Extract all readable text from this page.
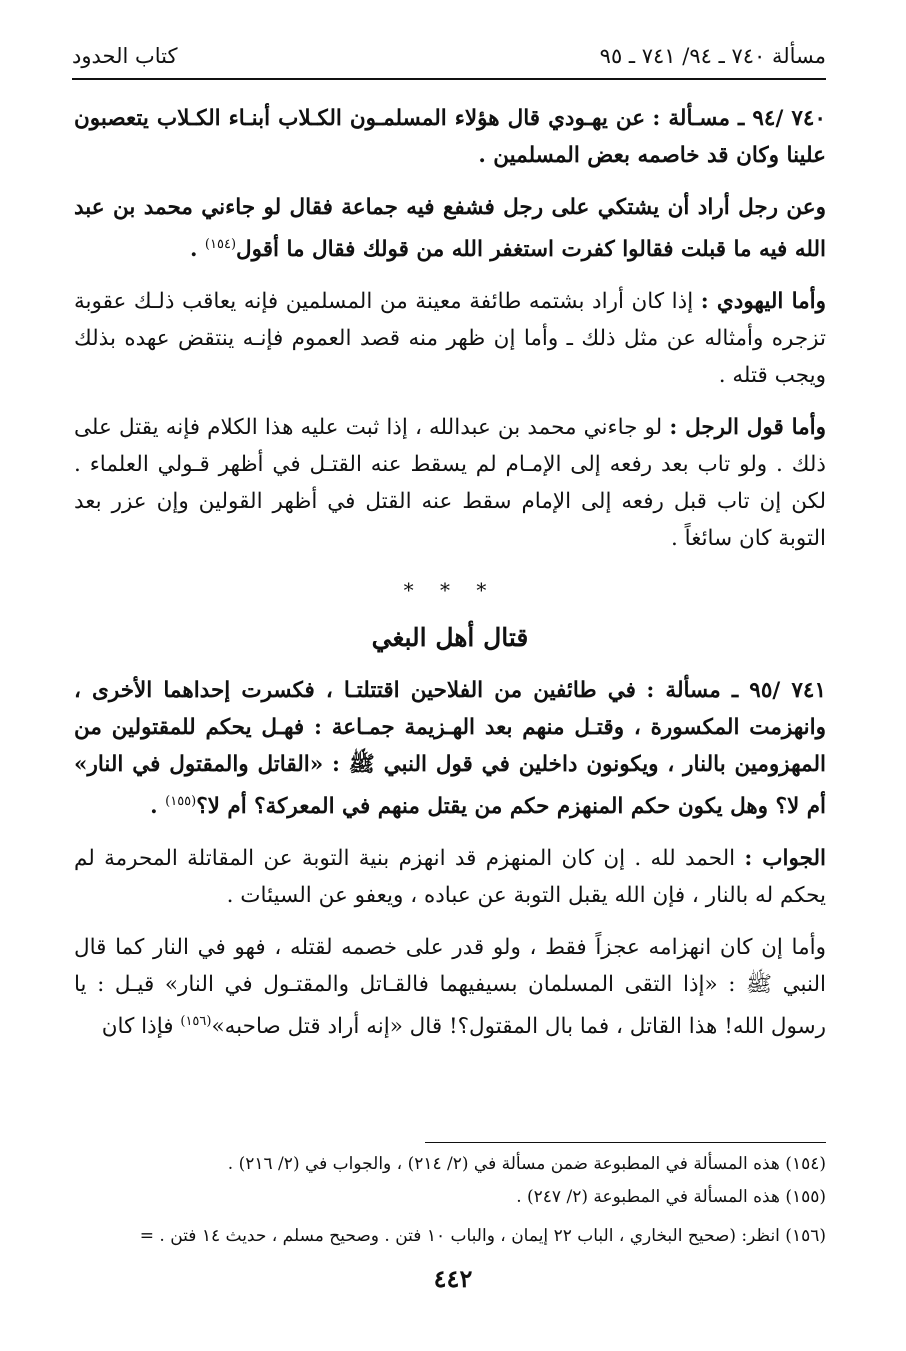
مسألة ٧٤٠ ـ ٩٤/ ٧٤١ ـ ٩٥
كتاب الحدود

٧٤٠ /٩٤ ـ مسـألة : عن يهـودي قال هؤلاء المسلمـون الكـلاب أبنـاء الكـلاب يتعصبون علينا وكان قد خاصمه بعض المسلمين .

وعن رجل أراد أن يشتكي على رجل فشفع فيه جماعة فقال لو جاءني محمد بن عبد الله فيه ما قبلت فقالوا كفرت استغفر الله من قولك فقال ما أقول$^{(١٥٤)}$ .

وأما اليهودي : إذا كان أراد بشتمه طائفة معينة من المسلمين فإنه يعاقب ذلـك عقوبة تزجره وأمثاله عن مثل ذلك ـ وأما إن ظهر منه قصد العموم فإنـه ينتقض عهده بذلك ويجب قتله .

وأما قول الرجل : لو جاءني محمد بن عبدالله ، إذا ثبت عليه هذا الكلام فإنه يقتل على ذلك . ولو تاب بعد رفعه إلى الإمـام لم يسقط عنه القتـل في أظهر قـولي العلماء . لكن إن تاب قبل رفعه إلى الإمام سقط عنه القتل في أظهر القولين وإن عزر بعد التوبة كان سائغاً .

* * *

قتال أهل البغي

٧٤١ /٩٥ ـ مسألة : في طائفين من الفلاحين اقتتلتـا ، فكسرت إحداهما الأخرى ، وانهزمت المكسورة ، وقتـل منهم بعد الهـزيمة جمـاعة : فهـل يحكم للمقتولين من المهزومين بالنار ، ويكونون داخلين في قول النبي ﷺ : «القاتل والمقتول في النار» أم لا؟ وهل يكون حكم المنهزم حكم من يقتل منهم في المعركة؟ أم لا؟$^{(١٥٥)}$ .

الجواب : الحمد لله . إن كان المنهزم قد انهزم بنية التوبة عن المقاتلة المحرمة لم يحكم له بالنار ، فإن الله يقبل التوبة عن عباده ، ويعفو عن السيئات .

وأما إن كان انهزامه عجزاً فقط ، ولو قدر على خصمه لقتله ، فهو في النار كما قال النبي ﷺ : «إذا التقى المسلمان بسيفيهما فالقـاتل والمقتـول في النار» قيـل : يا رسول الله! هذا القاتل ، فما بال المقتول؟! قال «إنه أراد قتل صاحبه»$^{(١٥٦)}$ فإذا كان

(١٥٤) هذه المسألة في المطبوعة ضمن مسألة في (٢/ ٢١٤) ، والجواب في (٢/ ٢١٦) .

(١٥٥) هذه المسألة في المطبوعة (٢/ ٢٤٧) .

(١٥٦) انظر: (صحيح البخاري ، الباب ٢٢ إيمان ، والباب ١٠ فتن . وصحيح مسلم ، حديث ١٤ فتن . =

٤٤٢
